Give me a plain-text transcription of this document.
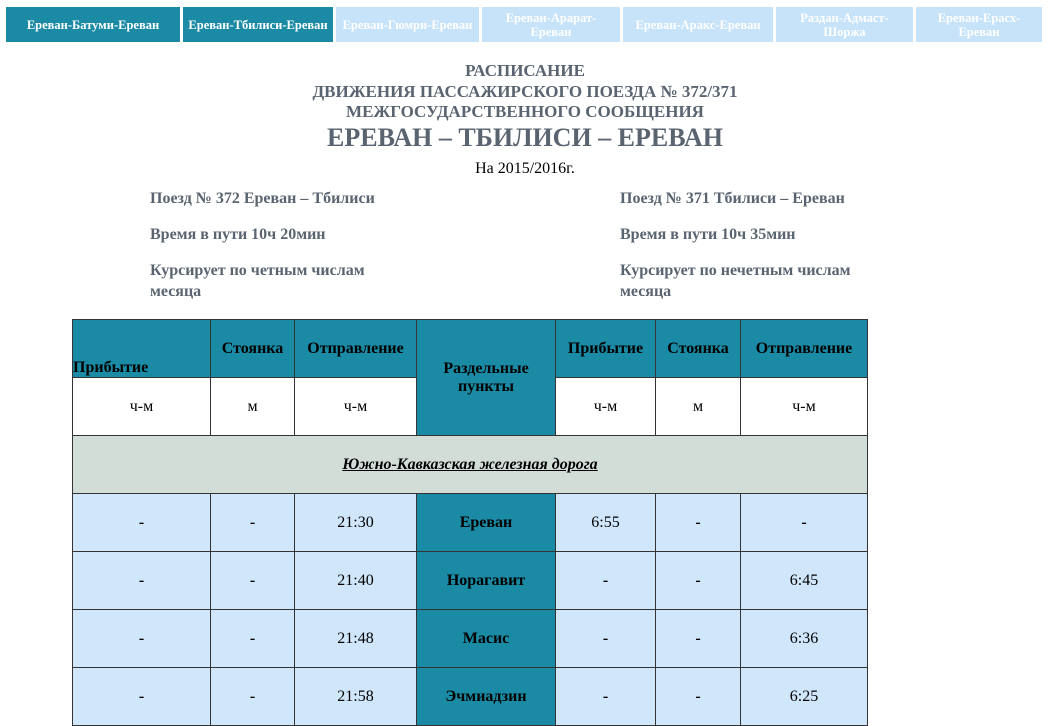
Ереван-Батуми-Ереван	Ереван-Тбилиси-Ереван	Ереван-Гюмри-Ереван	Ереван-Арарат-Ереван	Ереван-Аракс-Ереван	Раздан-Адмаст-Шоржа
Ереван-Ерасх-Ереван
РАСПИСАНИЕ
ДВИЖЕНИЯ ПАССАЖИРСКОГО ПОЕЗДА № 372/371
МЕЖГОСУДАРСТВЕННОГО СООБЩЕНИЯ
ЕРЕВАН – ТБИЛИСИ – ЕРЕВАН
На 2015/2016г.
Поезд № 372 Ереван – Тбилиси
Время в пути 10ч 20мин
Курсирует по четным числам месяца
Поезд № 371 Тбилиси – Ереван
Время в пути 10ч 35мин
Курсирует по нечетным числам месяца
Прибытие	Стоянка	Отправление	Раздельные пункты	Прибытие	Стоянка	Отправление
ч-м	м	ч-м		ч-м	м	ч-м
Южно-Кавказская железная дорога						
-	-	21:30	Ереван	6:55	-	-
-	-	21:40	Норагавит	-	-	6:45
-	-	21:48	Масис	-	-	6:36
-	-	21:58	Эчмиадзин	-	-	6:25
